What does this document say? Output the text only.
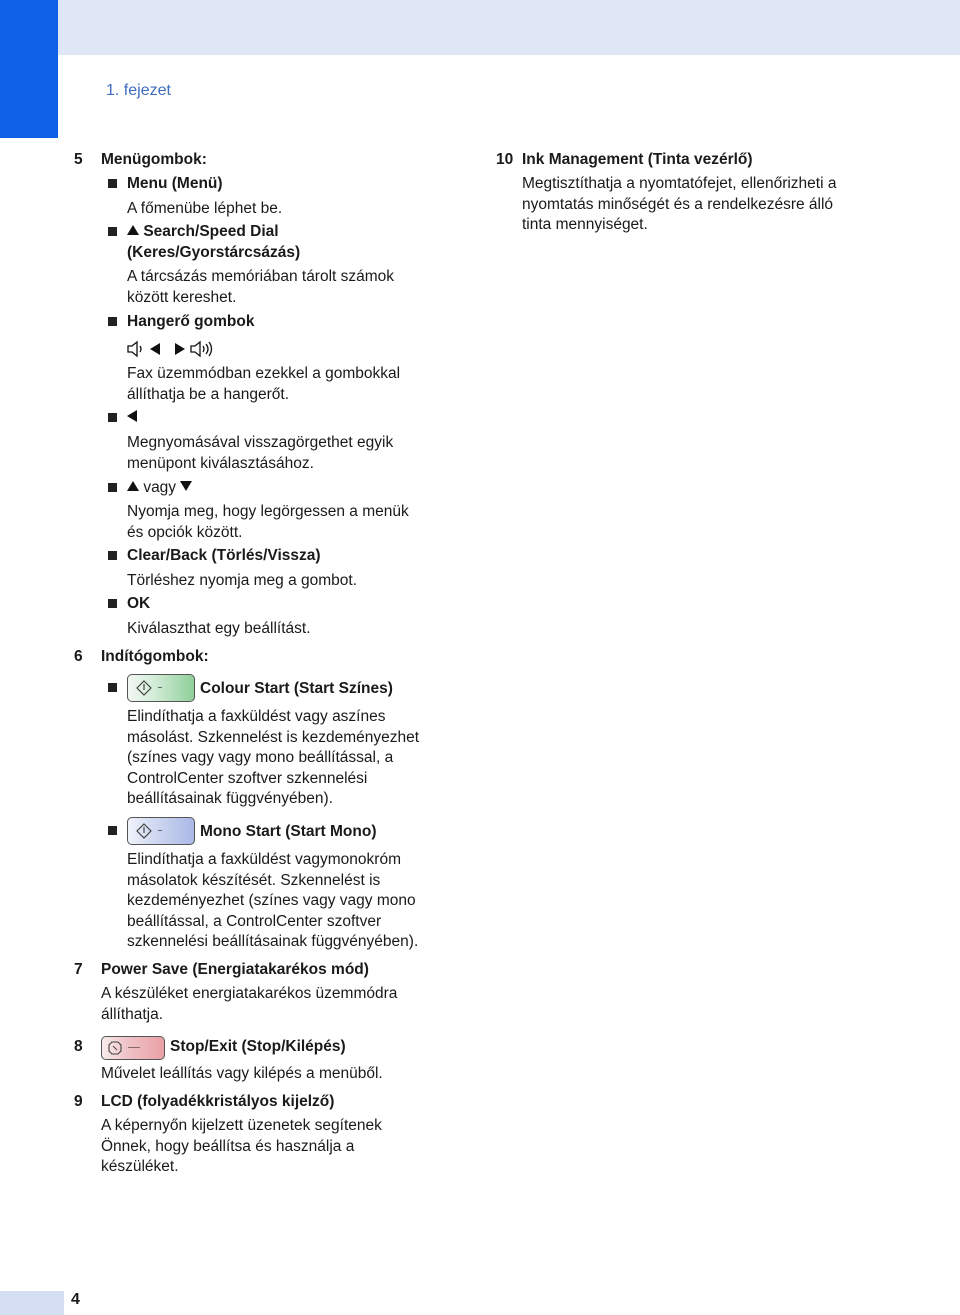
1. fejezet
5 Menügombok:
Menu (Menü)
A főmenübe léphet be.
Search/Speed Dial
(Keres/Gyorstárcsázás)
A tárcsázás memóriában tárolt számok
között kereshet.
Hangerő gombok
Fax üzemmódban ezekkel a gombokkal
állíthatja be a hangerőt.
Megnyomásával visszagörgethet egyik
menüpont kiválasztásához.
vagy
Nyomja meg, hogy legörgessen a menük
és opciók között.
Clear/Back (Törlés/Vissza)
Törléshez nyomja meg a gombot.
OK
Kiválaszthat egy beállítást.
6 Indítógombok:
Colour Start (Start Színes)
Elindíthatja a faxküldést vagy aszínes
másolást. Szkennelést is kezdeményezhet
(színes vagy vagy mono beállítással, a
ControlCenter szoftver szkennelési
beállításainak függvényében).
Mono Start (Start Mono)
Elindíthatja a faxküldést vagymonokróm
másolatok készítését. Szkennelést is
kezdeményezhet (színes vagy vagy mono
beállítással, a ControlCenter szoftver
szkennelési beállításainak függvényében).
7 Power Save (Energiatakarékos mód)
A készüléket energiatakarékos üzemmódra
állíthatja.
8	Stop/Exit (Stop/Kilépés)
Művelet leállítás vagy kilépés a menüből.
9 LCD (folyadékkristályos kijelző)
A képernyőn kijelzett üzenetek segítenek
Önnek, hogy beállítsa és használja a
készüléket.
10 Ink Management (Tinta vezérlő)
Megtisztíthatja a nyomtatófejet, ellenőrizheti a
nyomtatás minőségét és a rendelkezésre álló
tinta mennyiséget.
4
